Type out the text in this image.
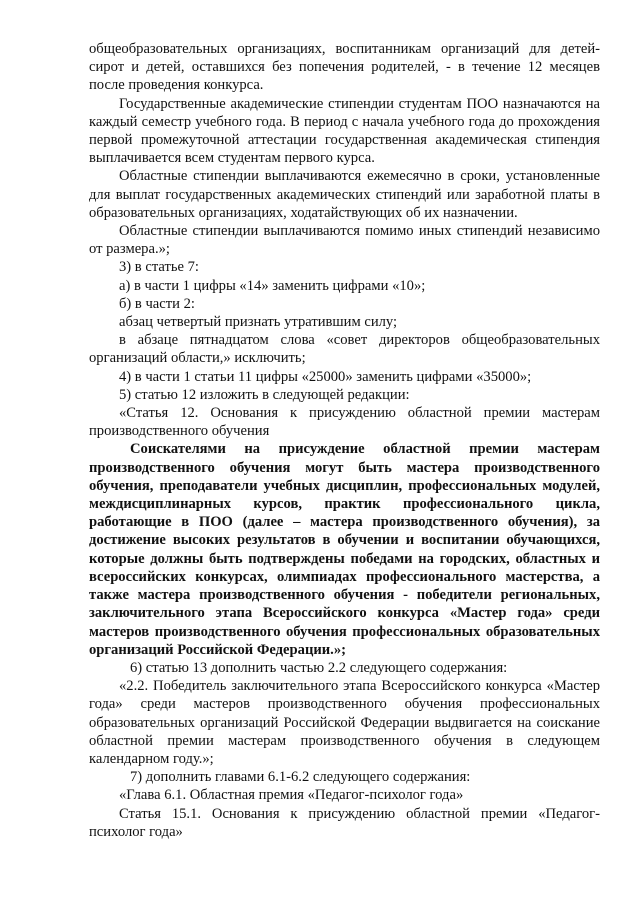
общеобразовательных организациях, воспитанникам организаций для детей-сирот и детей, оставшихся без попечения родителей, - в течение 12 месяцев после проведения конкурса.

Государственные академические стипендии студентам ПОО назначаются на каждый семестр учебного года. В период с начала учебного года до прохождения первой промежуточной аттестации государственная академическая стипендия выплачивается всем студентам первого курса.

Областные стипендии выплачиваются ежемесячно в сроки, установленные для выплат государственных академических стипендий или заработной платы в образовательных организациях, ходатайствующих об их назначении.

Областные стипендии выплачиваются помимо иных стипендий независимо от размера.»;

3) в статье 7:

а) в части 1 цифры «14» заменить цифрами «10»;

б) в части 2:

абзац четвертый признать утратившим силу;

в абзаце пятнадцатом слова «совет директоров общеобразовательных организаций области,» исключить;

4) в части 1 статьи 11 цифры «25000» заменить цифрами «35000»;

5) статью 12 изложить в следующей редакции:

«Статья 12. Основания к присуждению областной премии мастерам производственного обучения

Соискателями на присуждение областной премии мастерам производственного обучения могут быть мастера производственного обучения, преподаватели учебных дисциплин, профессиональных модулей, междисциплинарных курсов, практик профессионального цикла, работающие в ПОО (далее – мастера производственного обучения), за достижение высоких результатов в обучении и воспитании обучающихся, которые должны быть подтверждены победами на городских, областных и всероссийских конкурсах, олимпиадах профессионального мастерства, а также мастера производственного обучения - победители региональных, заключительного этапа Всероссийского конкурса «Мастер года» среди мастеров производственного обучения профессиональных образовательных организаций Российской Федерации.»;

6) статью 13 дополнить частью 2.2 следующего содержания:

«2.2. Победитель заключительного этапа Всероссийского конкурса «Мастер года» среди мастеров производственного обучения профессиональных образовательных организаций Российской Федерации выдвигается на соискание областной премии мастерам производственного обучения в следующем календарном году.»;

7) дополнить главами 6.1-6.2 следующего содержания:

«Глава 6.1. Областная премия «Педагог-психолог года»

Статья 15.1. Основания к присуждению областной премии «Педагог-психолог года»
